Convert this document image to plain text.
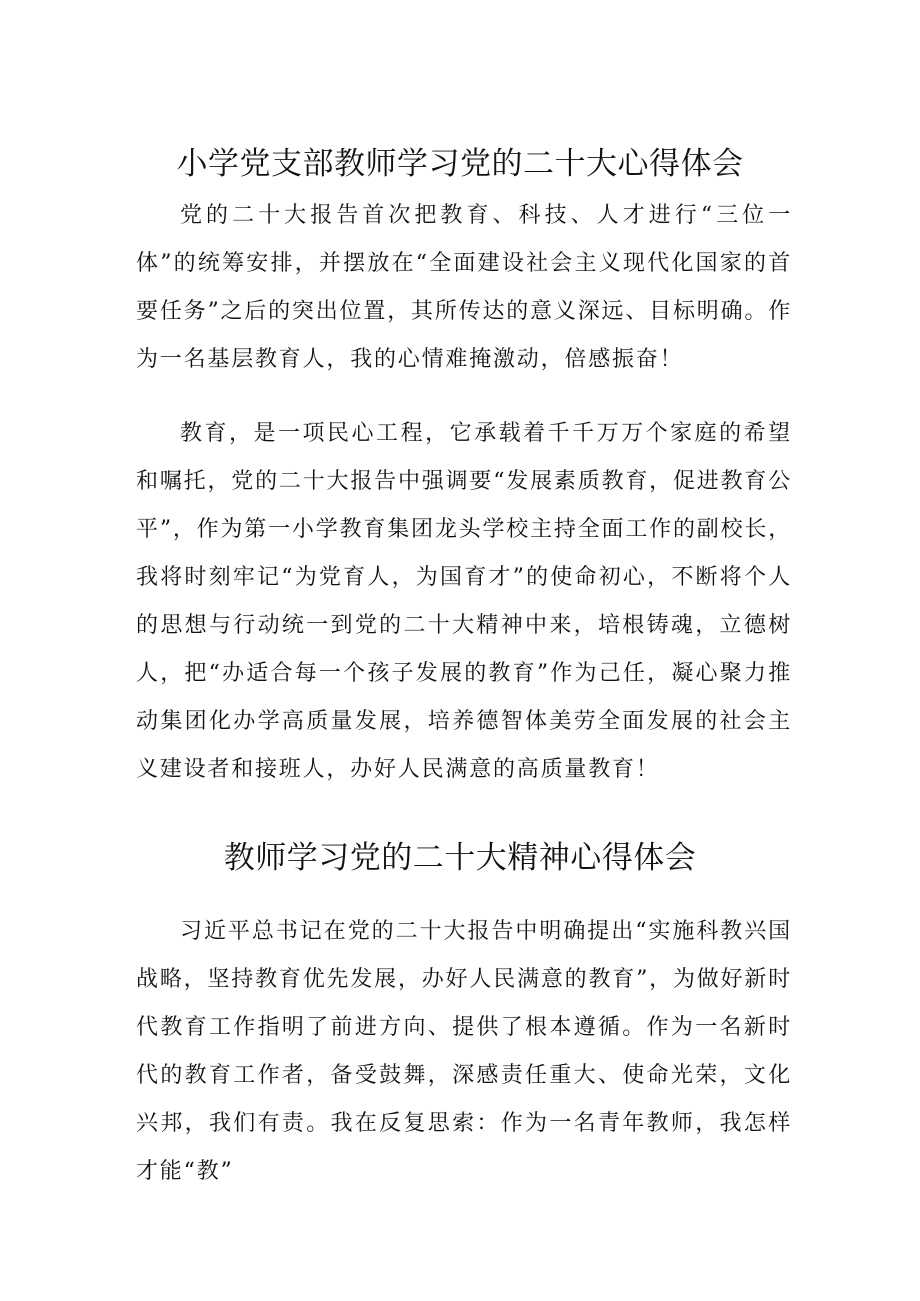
小学党支部教师学习党的二十大心得体会

党的二十大报告首次把教育、科技、人才进行“三位一体”的统筹安排，并摆放在“全面建设社会主义现代化国家的首要任务”之后的突出位置，其所传达的意义深远、目标明确。作为一名基层教育人，我的心情难掩激动，倍感振奋！

教育，是一项民心工程，它承载着千千万万个家庭的希望和嘱托，党的二十大报告中强调要“发展素质教育，促进教育公平”，作为第一小学教育集团龙头学校主持全面工作的副校长，我将时刻牢记“为党育人，为国育才”的使命初心，不断将个人的思想与行动统一到党的二十大精神中来，培根铸魂，立德树人，把“办适合每一个孩子发展的教育”作为己任，凝心聚力推动集团化办学高质量发展，培养德智体美劳全面发展的社会主义建设者和接班人，办好人民满意的高质量教育！

教师学习党的二十大精神心得体会

习近平总书记在党的二十大报告中明确提出“实施科教兴国战略，坚持教育优先发展，办好人民满意的教育”，为做好新时代教育工作指明了前进方向、提供了根本遵循。作为一名新时代的教育工作者，备受鼓舞，深感责任重大、使命光荣，文化兴邦，我们有责。我在反复思索：作为一名青年教师，我怎样才能“教”
